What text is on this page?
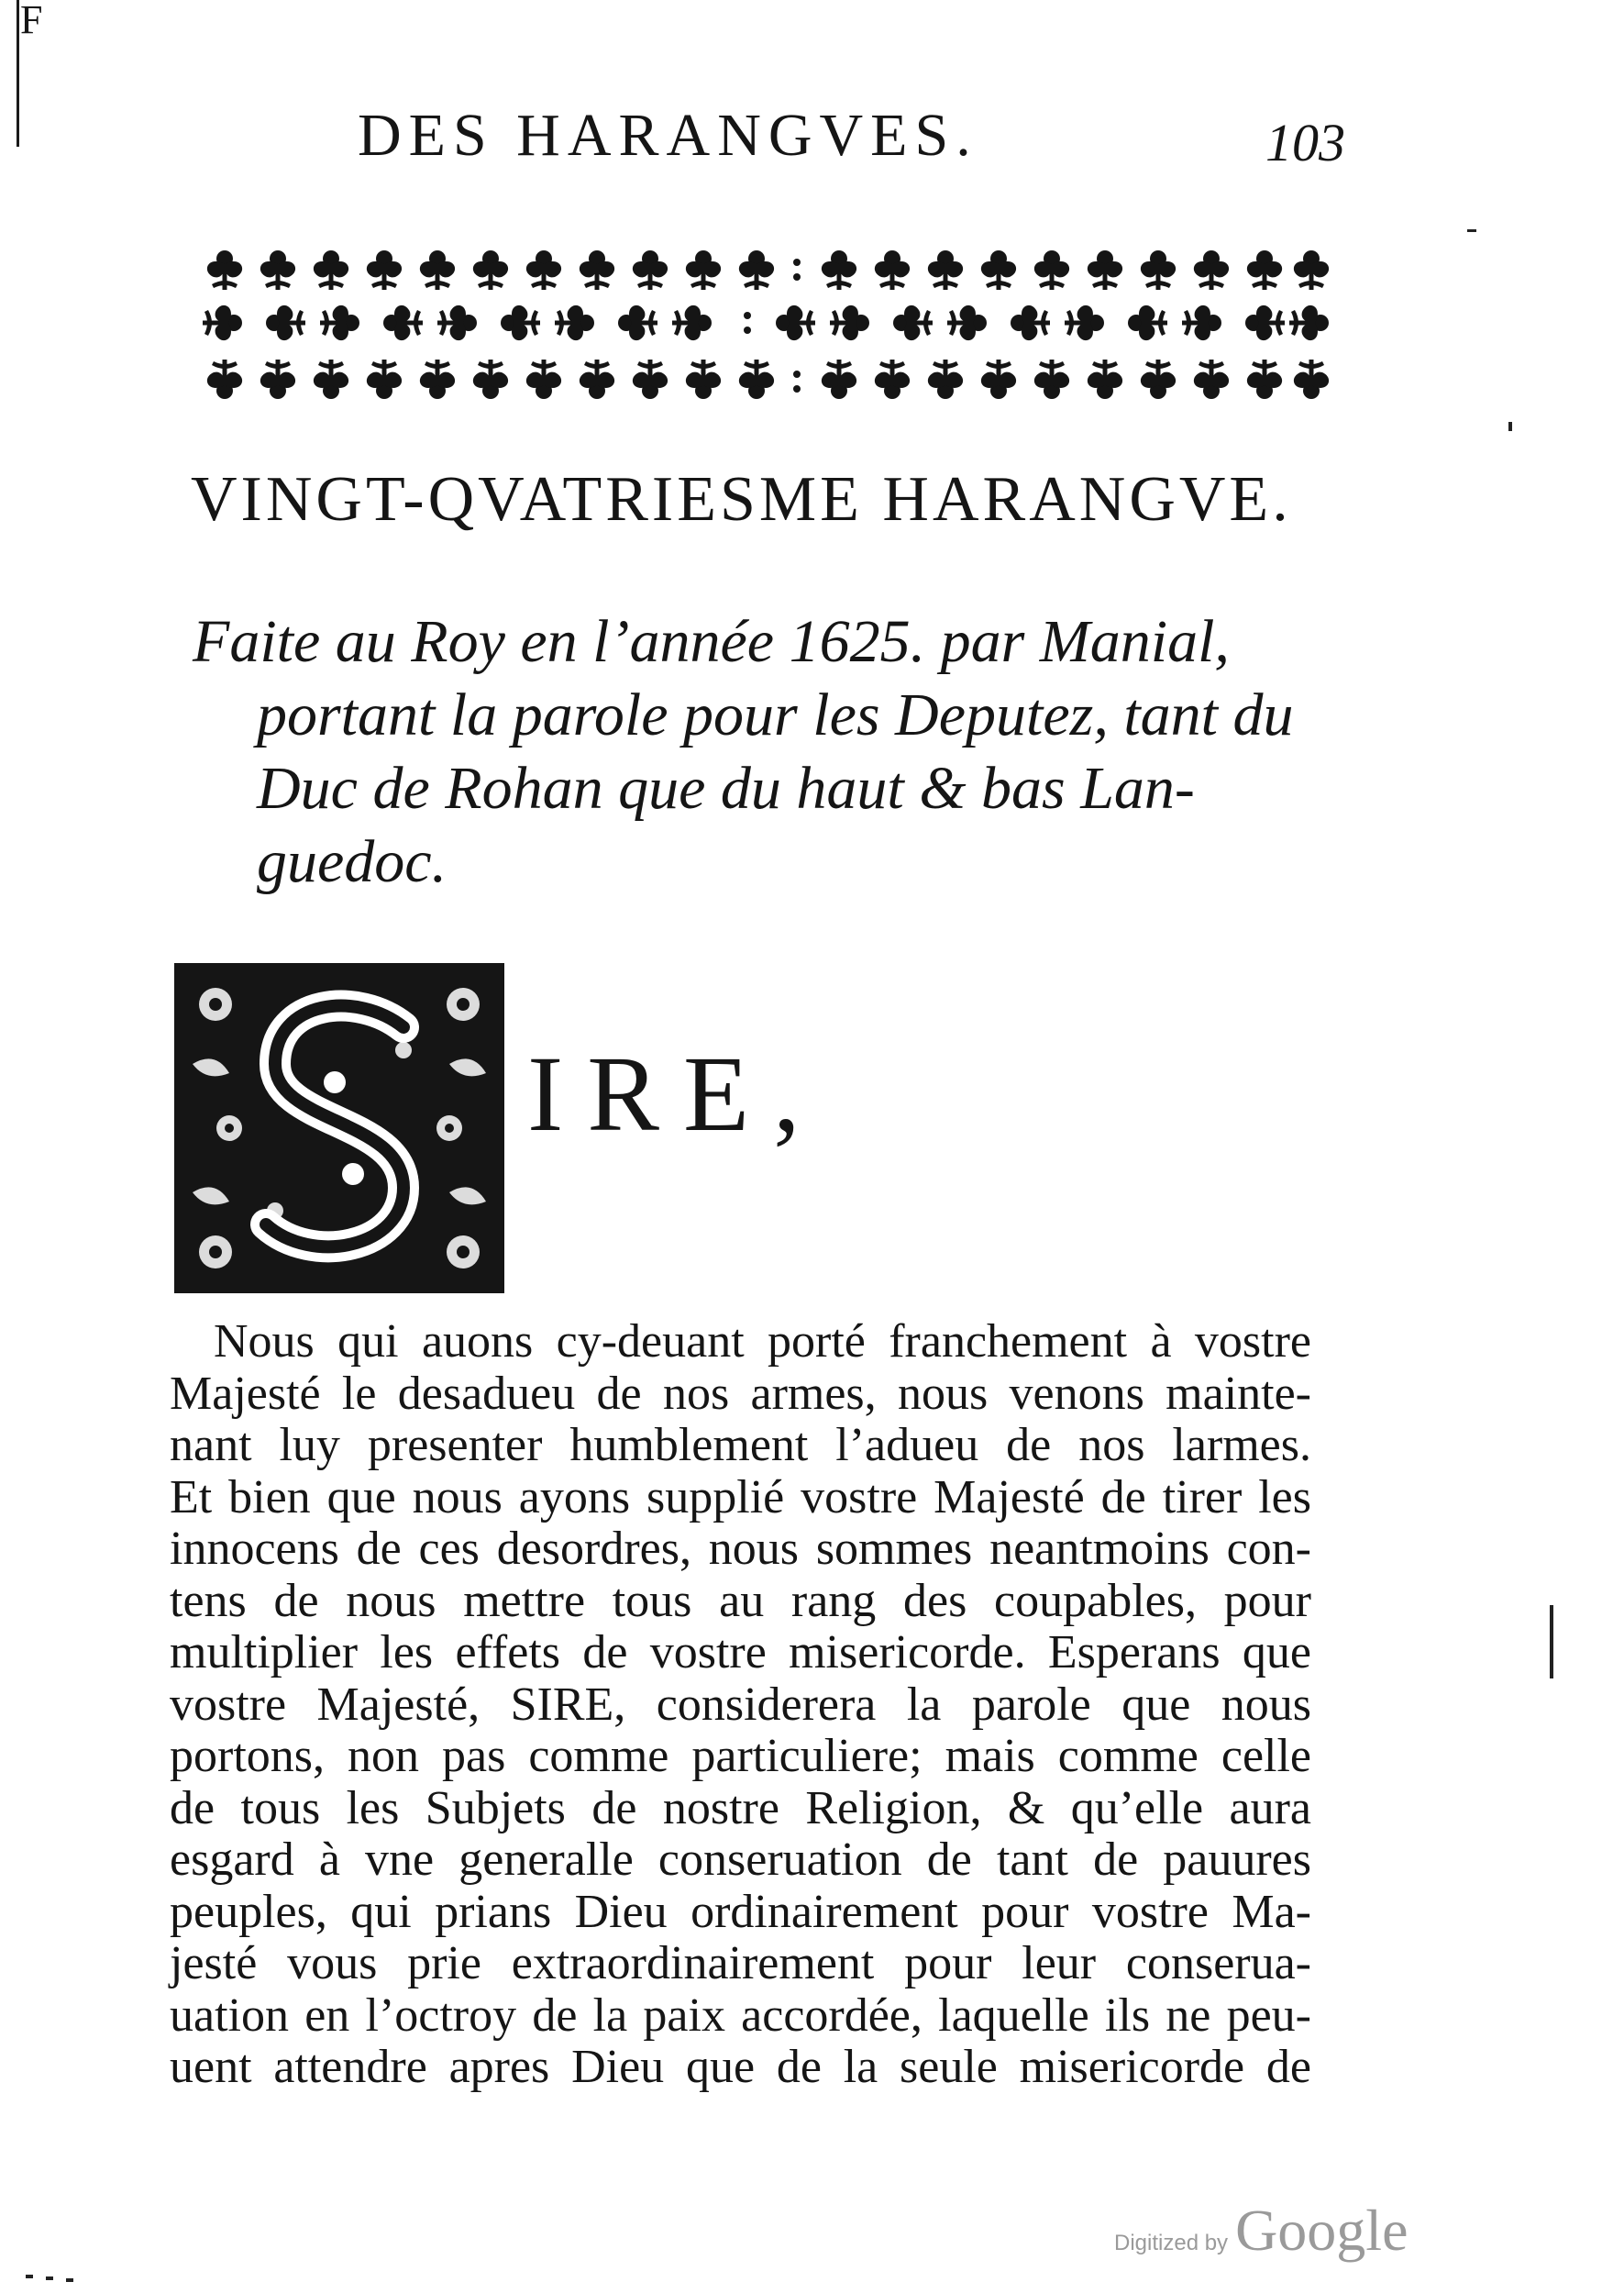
F
DES HARANGVES.	103
VINGT-QVATRIESME HARANGVE.
Faite au Roy en l’année 1625. par Manial,
portant la parole pour les Deputez, tant du
Duc de Rohan que du haut & bas Lan-
guedoc.
IRE,
Nous qui auons cy-deuant porté franchement à vostre
Majesté le desadueu de nos armes, nous venons mainte-
nant luy presenter humblement l’adueu de nos larmes.
Et bien que nous ayons supplié vostre Majesté de tirer les
innocens de ces desordres, nous sommes neantmoins con-
tens de nous mettre tous au rang des coupables, pour
multiplier les effets de vostre misericorde. Esperans que
vostre Majesté, SIRE, considerera la parole que nous
portons, non pas comme particuliere; mais comme celle
de tous les Subjets de nostre Religion, & qu’elle aura
esgard à vne generalle conseruation de tant de pauures
peuples, qui prians Dieu ordinairement pour vostre Ma-
jesté vous prie extraordinairement pour leur conserua-
uation en l’octroy de la paix accordée, laquelle ils ne peu-
uent attendre apres Dieu que de la seule misericorde de
Digitized by Google
